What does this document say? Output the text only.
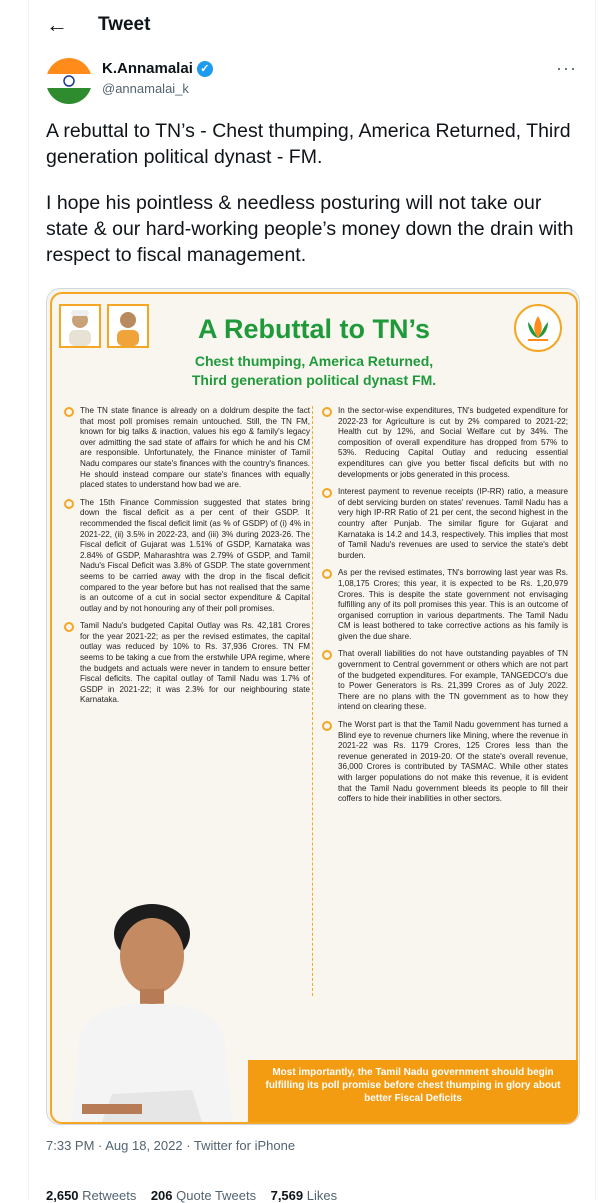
← Tweet
K.Annamalai ✓
@annamalai_k
···

A rebuttal to TN’s - Chest thumping, America Returned, Third generation political dynast - FM.

I hope his pointless & needless posturing will not take our state & our hard-working people’s money down the drain with respect to fiscal management.

A Rebuttal to TN’s
Chest thumping, America Returned,
Third generation political dynast FM.
The TN state finance is already on a doldrum despite the fact that most poll promises remain untouched. Still, the TN FM, known for big talks & inaction, values his ego & family's legacy over admitting the sad state of affairs for which he and his CM are responsible. Unfortunately, the Finance minister of Tamil Nadu compares our state's finances with the country's finances. He should instead compare our state's finances with equally placed states to understand how bad we are.
The 15th Finance Commission suggested that states bring down the fiscal deficit as a per cent of their GSDP. It recommended the fiscal deficit limit (as % of GSDP) of (i) 4% in 2021-22, (ii) 3.5% in 2022-23, and (iii) 3% during 2023-26. The Fiscal deficit of Gujarat was 1.51% of GSDP, Karnataka was 2.84% of GSDP, Maharashtra was 2.79% of GSDP, and Tamil Nadu's Fiscal Deficit was 3.8% of GSDP. The state government seems to be carried away with the drop in the fiscal deficit compared to the year before but has not realised that the same is an outcome of a cut in social sector expenditure & Capital outlay and by not honouring any of their poll promises.
Tamil Nadu's budgeted Capital Outlay was Rs. 42,181 Crores for the year 2021-22; as per the revised estimates, the capital outlay was reduced by 10% to Rs. 37,936 Crores. TN FM seems to be taking a cue from the erstwhile UPA regime, where the budgets and actuals were never in tandem to ensure better Fiscal deficits. The capital outlay of Tamil Nadu was 1.7% of GSDP in 2021-22; it was 2.3% for our neighbouring state Karnataka.
In the sector-wise expenditures, TN's budgeted expenditure for 2022-23 for Agriculture is cut by 2% compared to 2021-22; Health cut by 12%, and Social Welfare cut by 34%. The composition of overall expenditure has dropped from 57% to 53%. Reducing Capital Outlay and reducing essential expenditures can give you better fiscal deficits but with no developments or jobs generated in this process.
Interest payment to revenue receipts (IP-RR) ratio, a measure of debt servicing burden on states' revenues. Tamil Nadu has a very high IP-RR Ratio of 21 per cent, the second highest in the country after Punjab. The similar figure for Gujarat and Karnataka is 14.2 and 14.3, respectively. This implies that most of Tamil Nadu's revenues are used to service the state's debt burden.
As per the revised estimates, TN's borrowing last year was Rs. 1,08,175 Crores; this year, it is expected to be Rs. 1,20,979 Crores. This is despite the state government not envisaging fulfilling any of its poll promises this year. This is an outcome of organised corruption in various departments. The Tamil Nadu CM is least bothered to take corrective actions as his family is given the due share.
That overall liabilities do not have outstanding payables of TN government to Central government or others which are not part of the budgeted expenditures. For example, TANGEDCO's due to Power Generators is Rs. 21,399 Crores as of July 2022. There are no plans with the TN government as to how they intend on clearing these.
The Worst part is that the Tamil Nadu government has turned a Blind eye to revenue churners like Mining, where the revenue in 2021-22 was Rs. 1179 Crores, 125 Crores less than the revenue generated in 2019-20. Of the state's overall revenue, 36,000 Crores is contributed by TASMAC. While other states with larger populations do not make this revenue, it is evident that the Tamil Nadu government bleeds its people to fill their coffers to hide their inabilities in other sectors.
Most importantly, the Tamil Nadu government should begin fulfilling its poll promise before chest thumping in glory about better Fiscal Deficits
7:33 PM · Aug 18, 2022 · Twitter for iPhone
2,650 Retweets 206 Quote Tweets 7,569 Likes
